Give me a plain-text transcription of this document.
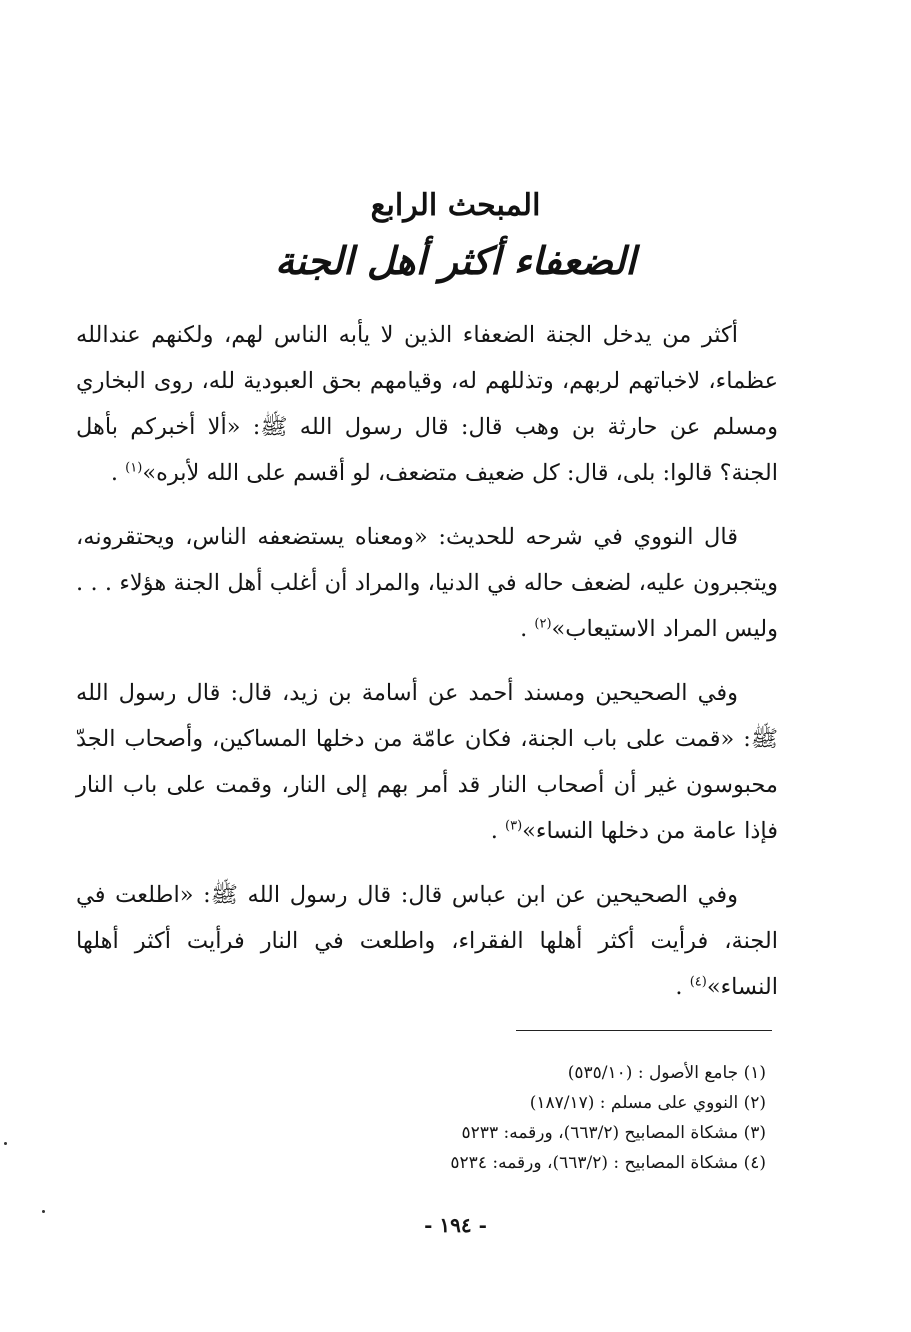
المبحث الرابع
الضعفاء أكثر أهل الجنة

أكثر من يدخل الجنة الضعفاء الذين لا يأبه الناس لهم، ولكنهم عندالله عظماء، لاخباتهم لربهم، وتذللهم له، وقيامهم بحق العبودية لله، روى البخاري ومسلم عن حارثة بن وهب قال: قال رسول الله ﷺ: «ألا أخبركم بأهل الجنة؟ قالوا: بلى، قال: كل ضعيف متضعف، لو أقسم على الله لأبره»$^{(١)}$ .

قال النووي في شرحه للحديث: «ومعناه يستضعفه الناس، ويحتقرونه، ويتجبرون عليه، لضعف حاله في الدنيا، والمراد أن أغلب أهل الجنة هؤلاء . . . وليس المراد الاستيعاب»$^{(٢)}$ .

وفي الصحيحين ومسند أحمد عن أسامة بن زيد، قال: قال رسول الله ﷺ: «قمت على باب الجنة، فكان عامّة من دخلها المساكين، وأصحاب الجدّ محبوسون غير أن أصحاب النار قد أمر بهم إلى النار، وقمت على باب النار فإذا عامة من دخلها النساء»$^{(٣)}$ .

وفي الصحيحين عن ابن عباس قال: قال رسول الله ﷺ: «اطلعت في الجنة، فرأيت أكثر أهلها الفقراء، واطلعت في النار فرأيت أكثر أهلها النساء»$^{(٤)}$ .

(١) جامع الأصول : (٥٣٥/١٠)
(٢) النووي على مسلم : (١٨٧/١٧)
(٣) مشكاة المصابيح (٦٦٣/٢)، ورقمه: ٥٢٣٣
(٤) مشكاة المصابيح : (٦٦٣/٢)، ورقمه: ٥٢٣٤
- ١٩٤ -
